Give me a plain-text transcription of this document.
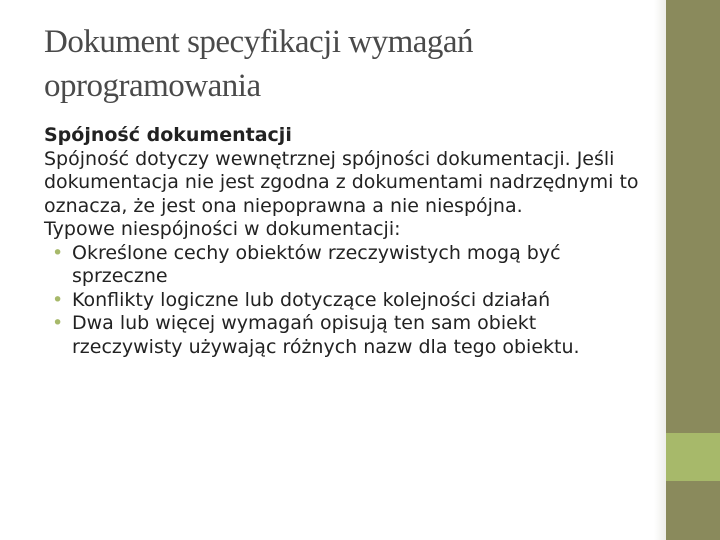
Dokument specyfikacji wymagań oprogramowania

Spójność dokumentacji

Spójność dotyczy wewnętrznej spójności dokumentacji. Jeśli dokumentacja nie jest zgodna z dokumentami nadrzędnymi to oznacza, że jest ona niepoprawna a nie niespójna.

Typowe niespójności w dokumentacji:

• Określone cechy obiektów rzeczywistych mogą być sprzeczne
• Konflikty logiczne lub dotyczące kolejności działań
• Dwa lub więcej wymagań opisują ten sam obiekt rzeczywisty używając różnych nazw dla tego obiektu.
